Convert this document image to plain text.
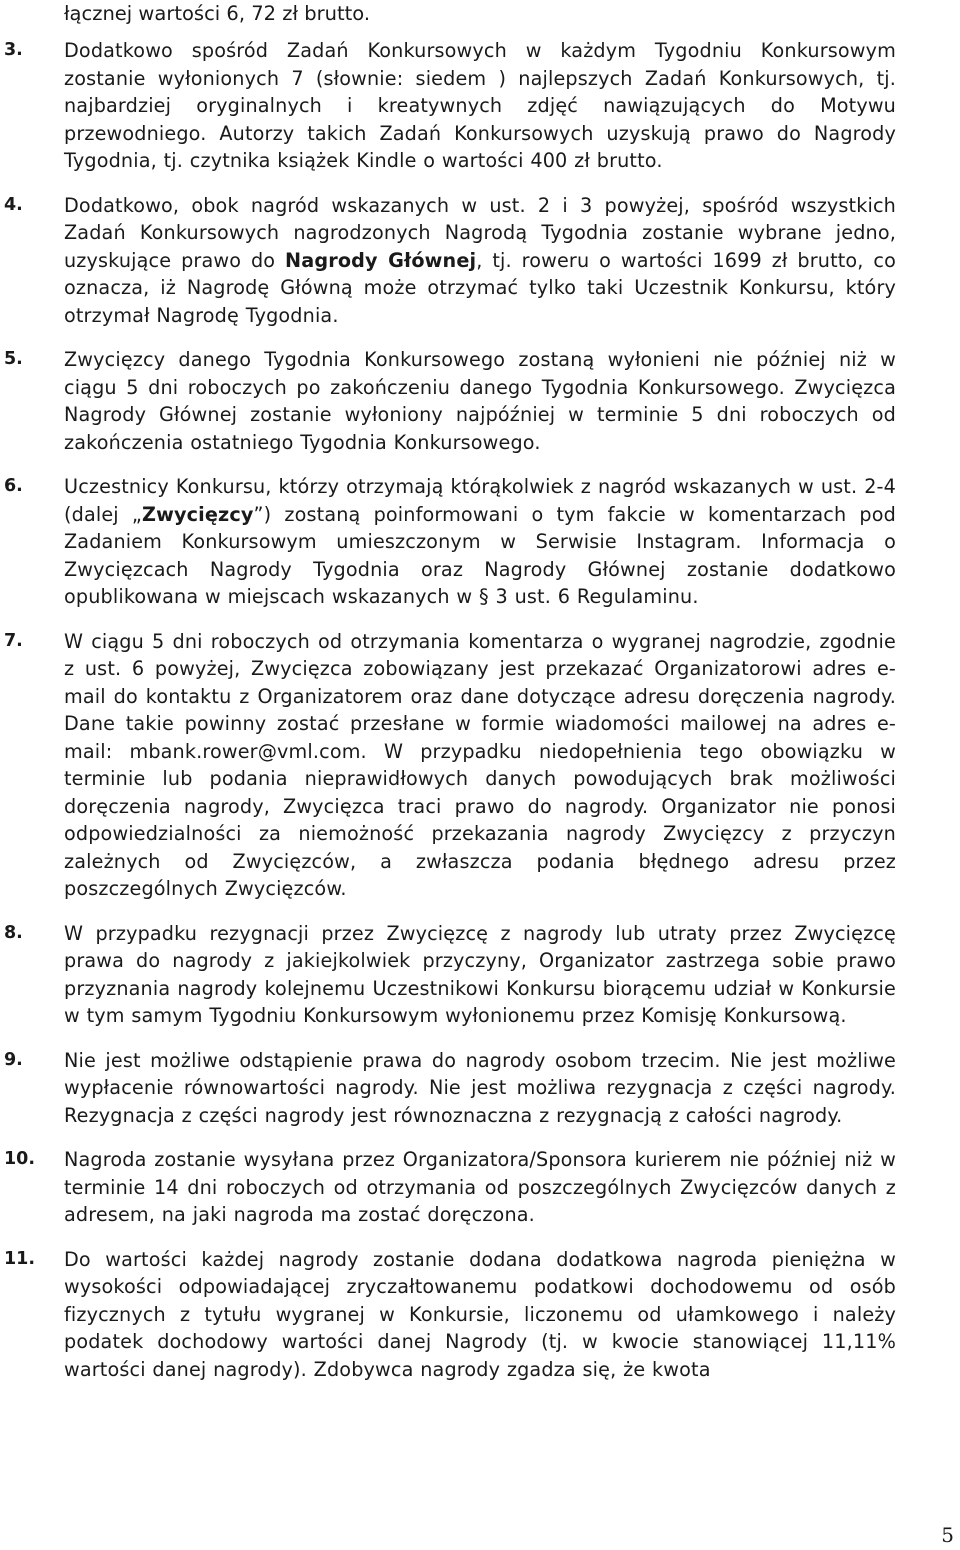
łącznej wartości 6, 72 zł brutto.

3. Dodatkowo spośród Zadań Konkursowych w każdym Tygodniu Konkursowym zostanie wyłonionych 7 (słownie: siedem ) najlepszych Zadań Konkursowych, tj. najbardziej oryginalnych i kreatywnych zdjęć nawiązujących do Motywu przewodniego. Autorzy takich Zadań Konkursowych uzyskują prawo do Nagrody Tygodnia, tj. czytnika książek Kindle o wartości 400 zł brutto.

4. Dodatkowo, obok nagród wskazanych w ust. 2 i 3 powyżej, spośród wszystkich Zadań Konkursowych nagrodzonych Nagrodą Tygodnia zostanie wybrane jedno, uzyskujące prawo do Nagrody Głównej, tj. roweru o wartości 1699 zł brutto, co oznacza, iż Nagrodę Główną może otrzymać tylko taki Uczestnik Konkursu, który otrzymał Nagrodę Tygodnia.

5. Zwycięzcy danego Tygodnia Konkursowego zostaną wyłonieni nie później niż w ciągu 5 dni roboczych po zakończeniu danego Tygodnia Konkursowego. Zwycięzca Nagrody Głównej zostanie wyłoniony najpóźniej w terminie 5 dni roboczych od zakończenia ostatniego Tygodnia Konkursowego.

6. Uczestnicy Konkursu, którzy otrzymają którąkolwiek z nagród wskazanych w ust. 2-4 (dalej „Zwycięzcy”) zostaną poinformowani o tym fakcie w komentarzach pod Zadaniem Konkursowym umieszczonym w Serwisie Instagram. Informacja o Zwycięzcach Nagrody Tygodnia oraz Nagrody Głównej zostanie dodatkowo opublikowana w miejscach wskazanych w § 3 ust. 6 Regulaminu.

7. W ciągu 5 dni roboczych od otrzymania komentarza o wygranej nagrodzie, zgodnie z ust. 6 powyżej, Zwycięzca zobowiązany jest przekazać Organizatorowi adres e-mail do kontaktu z Organizatorem oraz dane dotyczące adresu doręczenia nagrody. Dane takie powinny zostać przesłane w formie wiadomości mailowej na adres e-mail: mbank.rower@vml.com. W przypadku niedopełnienia tego obowiązku w terminie lub podania nieprawidłowych danych powodujących brak możliwości doręczenia nagrody, Zwycięzca traci prawo do nagrody. Organizator nie ponosi odpowiedzialności za niemożność przekazania nagrody Zwycięzcy z przyczyn zależnych od Zwycięzców, a zwłaszcza podania błędnego adresu przez poszczególnych Zwycięzców.

8. W przypadku rezygnacji przez Zwycięzcę z nagrody lub utraty przez Zwycięzcę prawa do nagrody z jakiejkolwiek przyczyny, Organizator zastrzega sobie prawo przyznania nagrody kolejnemu Uczestnikowi Konkursu biorącemu udział w Konkursie w tym samym Tygodniu Konkursowym wyłonionemu przez Komisję Konkursową.

9. Nie jest możliwe odstąpienie prawa do nagrody osobom trzecim. Nie jest możliwe wypłacenie równowartości nagrody. Nie jest możliwa rezygnacja z części nagrody. Rezygnacja z części nagrody jest równoznaczna z rezygnacją z całości nagrody.

10. Nagroda zostanie wysyłana przez Organizatora/Sponsora kurierem nie później niż w terminie 14 dni roboczych od otrzymania od poszczególnych Zwycięzców danych z adresem, na jaki nagroda ma zostać doręczona.

11. Do wartości każdej nagrody zostanie dodana dodatkowa nagroda pieniężna w wysokości odpowiadającej zryczałtowanemu podatkowi dochodowemu od osób fizycznych z tytułu wygranej w Konkursie, liczonemu od ułamkowego i należy podatek dochodowy wartości danej Nagrody (tj. w kwocie stanowiącej 11,11% wartości danej nagrody). Zdobywca nagrody zgadza się, że kwota

5
